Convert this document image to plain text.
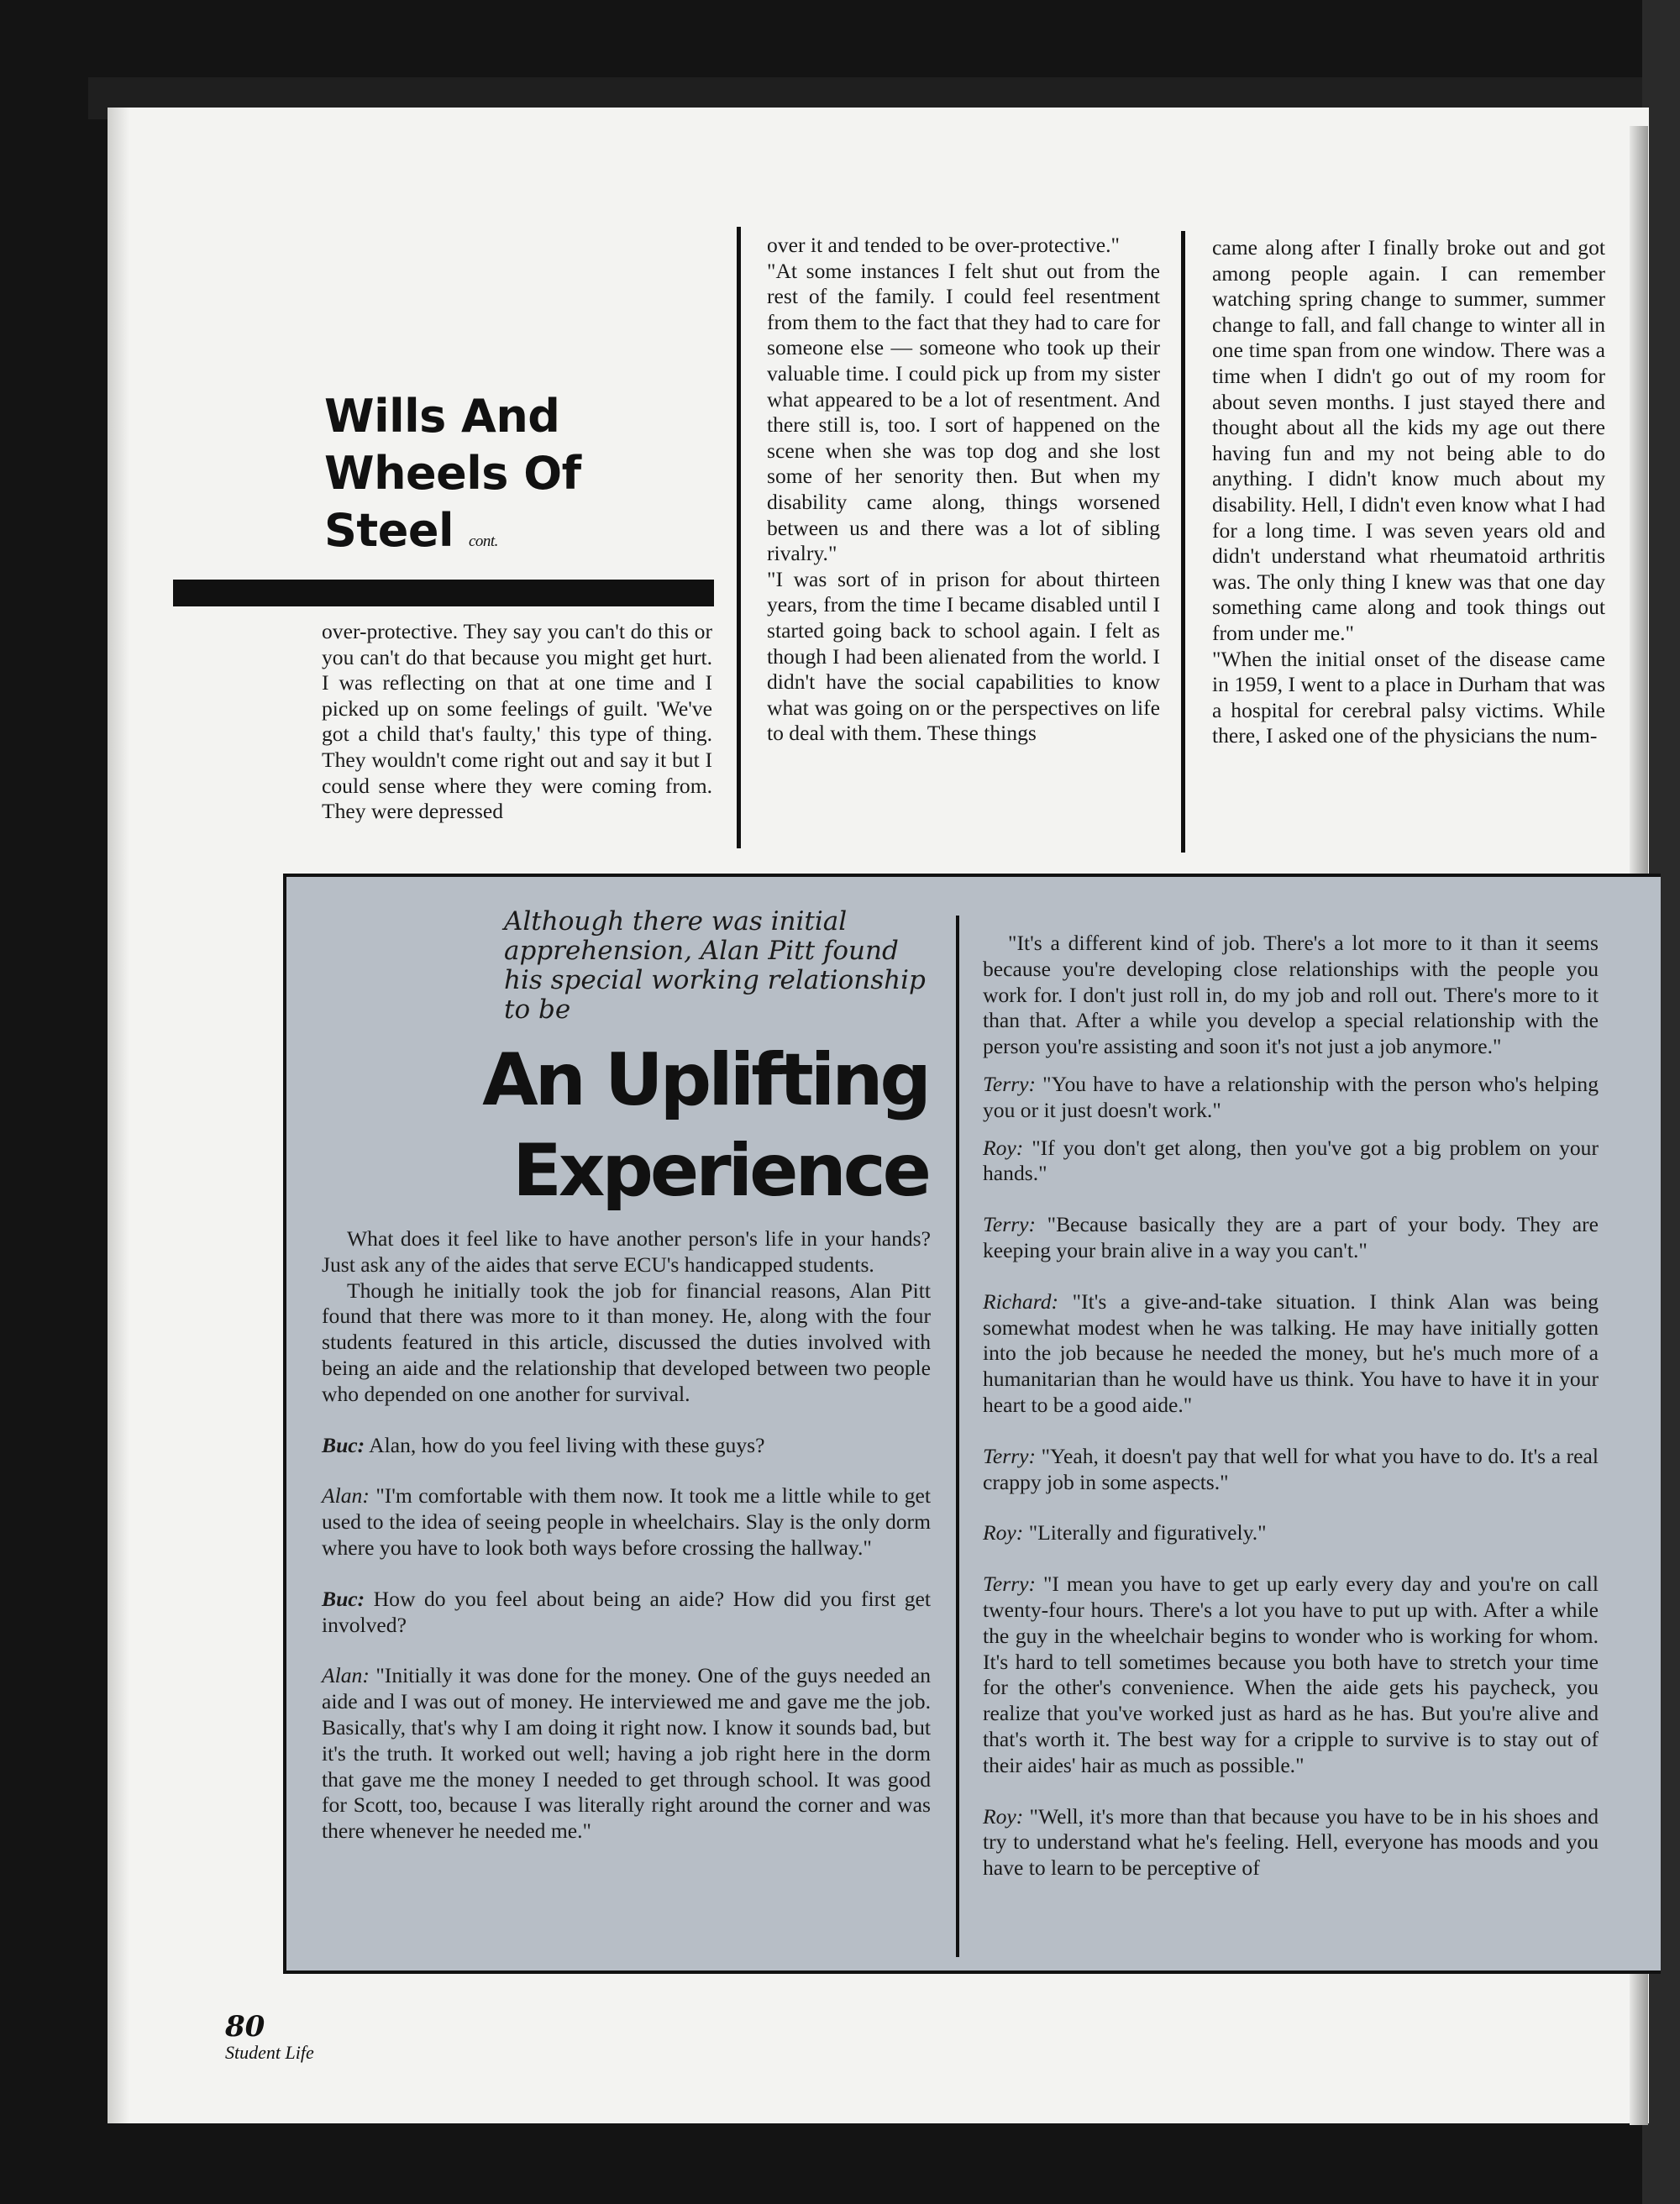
Wills And
Wheels Of
Steel cont.
over-protective. They say you can't do this or you can't do that because you might get hurt. I was reflecting on that at one time and I picked up on some feelings of guilt. 'We've got a child that's faulty,' this type of thing. They wouldn't come right out and say it but I could sense where they were coming from. They were depressed
over it and tended to be over-protective."
"At some instances I felt shut out from the rest of the family. I could feel resentment from them to the fact that they had to care for someone else — someone who took up their valuable time. I could pick up from my sister what appeared to be a lot of resentment. And there still is, too. I sort of happened on the scene when she was top dog and she lost some of her senority then. But when my disability came along, things worsened between us and there was a lot of sibling rivalry."
"I was sort of in prison for about thirteen years, from the time I became disabled until I started going back to school again. I felt as though I had been alienated from the world. I didn't have the social capabilities to know what was going on or the perspectives on life to deal with them. These things
came along after I finally broke out and got among people again. I can remember watching spring change to summer, summer change to fall, and fall change to winter all in one time span from one window. There was a time when I didn't go out of my room for about seven months. I just stayed there and thought about all the kids my age out there having fun and my not being able to do anything. I didn't know much about my disability. Hell, I didn't even know what I had for a long time. I was seven years old and didn't understand what rheumatoid arthritis was. The only thing I knew was that one day something came along and took things out from under me."
"When the initial onset of the disease came in 1959, I went to a place in Durham that was a hospital for cerebral palsy victims. While there, I asked one of the physicians the num-
Although there was initial apprehension, Alan Pitt found his special working relationship to be
An Uplifting
Experience

What does it feel like to have another person's life in your hands? Just ask any of the aides that serve ECU's handicapped students.

Though he initially took the job for financial reasons, Alan Pitt found that there was more to it than money. He, along with the four students featured in this article, discussed the duties involved with being an aide and the relationship that developed between two people who depended on one another for survival.

Buc: Alan, how do you feel living with these guys?

Alan: "I'm comfortable with them now. It took me a little while to get used to the idea of seeing people in wheelchairs. Slay is the only dorm where you have to look both ways before crossing the hallway."

Buc: How do you feel about being an aide? How did you first get involved?

Alan: "Initially it was done for the money. One of the guys needed an aide and I was out of money. He interviewed me and gave me the job. Basically, that's why I am doing it right now. I know it sounds bad, but it's the truth. It worked out well; having a job right here in the dorm that gave me the money I needed to get through school. It was good for Scott, too, because I was literally right around the corner and was there whenever he needed me."

"It's a different kind of job. There's a lot more to it than it seems because you're developing close relationships with the people you work for. I don't just roll in, do my job and roll out. There's more to it than that. After a while you develop a special relationship with the person you're assisting and soon it's not just a job anymore."

Terry: "You have to have a relationship with the person who's helping you or it just doesn't work."

Roy: "If you don't get along, then you've got a big problem on your hands."

Terry: "Because basically they are a part of your body. They are keeping your brain alive in a way you can't."

Richard: "It's a give-and-take situation. I think Alan was being somewhat modest when he was talking. He may have initially gotten into the job because he needed the money, but he's much more of a humanitarian than he would have us think. You have to have it in your heart to be a good aide."

Terry: "Yeah, it doesn't pay that well for what you have to do. It's a real crappy job in some aspects."

Roy: "Literally and figuratively."

Terry: "I mean you have to get up early every day and you're on call twenty-four hours. There's a lot you have to put up with. After a while the guy in the wheelchair begins to wonder who is working for whom. It's hard to tell sometimes because you both have to stretch your time for the other's convenience. When the aide gets his paycheck, you realize that you've worked just as hard as he has. But you're alive and that's worth it. The best way for a cripple to survive is to stay out of their aides' hair as much as possible."

Roy: "Well, it's more than that because you have to be in his shoes and try to understand what he's feeling. Hell, everyone has moods and you have to learn to be perceptive of

80
Student Life
